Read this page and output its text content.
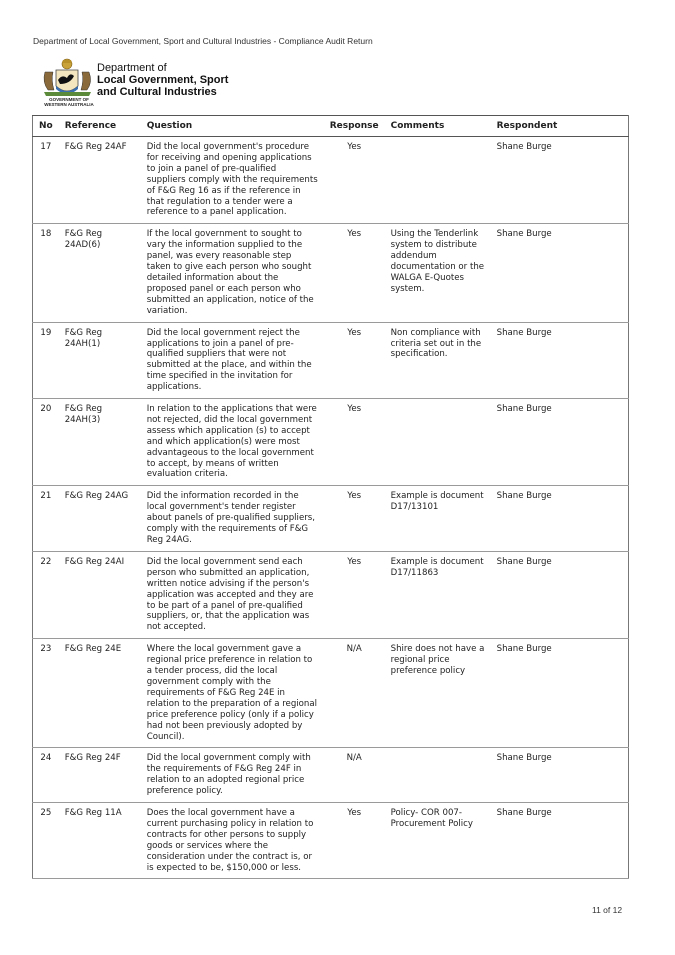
Department of Local Government, Sport and Cultural Industries - Compliance Audit Return
GOVERNMENT OF
WESTERN AUSTRALIA
Department of
Local Government, Sport
and Cultural Industries
No	Reference	Question	Response	Comments	Respondent
17	F&G Reg 24AF	Did the local government's procedure for receiving and opening applications to join a panel of pre-qualified suppliers comply with the requirements of F&G Reg 16 as if the reference in that regulation to a tender were a reference to a panel application.	Yes		Shane Burge
18	F&G Reg 24AD(6)	If the local government to sought to vary the information supplied to the panel, was every reasonable step taken to give each person who sought detailed information about the proposed panel or each person who submitted an application, notice of the variation.	Yes	Using the Tenderlink system to distribute addendum documentation or the WALGA E-Quotes system.	Shane Burge
19	F&G Reg 24AH(1)	Did the local government reject the applications to join a panel of pre-qualified suppliers that were not submitted at the place, and within the time specified in the invitation for applications.	Yes	Non compliance with criteria set out in the specification.	Shane Burge
20	F&G Reg 24AH(3)	In relation to the applications that were not rejected, did the local government assess which application (s) to accept and which application(s) were most advantageous to the local government to accept, by means of written evaluation criteria.	Yes		Shane Burge
21	F&G Reg 24AG	Did the information recorded in the local government's tender register about panels of pre-qualified suppliers, comply with the requirements of F&G Reg 24AG.	Yes	Example is document D17/13101	Shane Burge
22	F&G Reg 24AI	Did the local government send each person who submitted an application, written notice advising if the person's application was accepted and they are to be part of a panel of pre-qualified suppliers, or, that the application was not accepted.	Yes	Example is document D17/11863	Shane Burge
23	F&G Reg 24E	Where the local government gave a regional price preference in relation to a tender process, did the local government comply with the requirements of F&G Reg 24E in relation to the preparation of a regional price preference policy (only if a policy had not been previously adopted by Council).	N/A	Shire does not have a regional price preference policy	Shane Burge
24	F&G Reg 24F	Did the local government comply with the requirements of F&G Reg 24F in relation to an adopted regional price preference policy.	N/A		Shane Burge
25	F&G Reg 11A	Does the local government have a current purchasing policy in relation to contracts for other persons to supply goods or services where the consideration under the contract is, or is expected to be, $150,000 or less.	Yes	Policy- COR 007-Procurement Policy	Shane Burge
11 of 12
